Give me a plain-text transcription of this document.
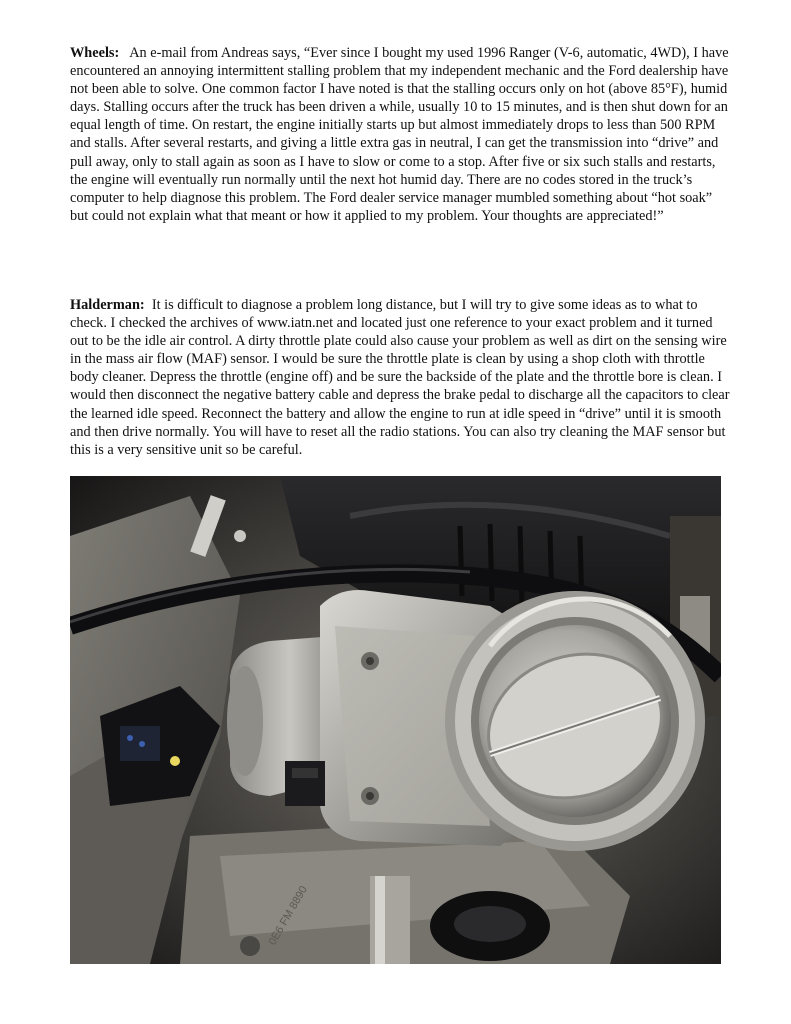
Wheels: An e-mail from Andreas says, “Ever since I bought my used 1996 Ranger (V-6, automatic, 4WD), I have encountered an annoying intermittent stalling problem that my independent mechanic and the Ford dealership have not been able to solve. One common factor I have noted is that the stalling occurs only on hot (above 85°F), humid days. Stalling occurs after the truck has been driven a while, usually 10 to 15 minutes, and is then shut down for an equal length of time. On restart, the engine initially starts up but almost immediately drops to less than 500 RPM and stalls. After several restarts, and giving a little extra gas in neutral, I can get the transmission into “drive” and pull away, only to stall again as soon as I have to slow or come to a stop. After five or six such stalls and restarts, the engine will eventually run normally until the next hot humid day. There are no codes stored in the truck’s computer to help diagnose this problem. The Ford dealer service manager mumbled something about “hot soak” but could not explain what that meant or how it applied to my problem. Your thoughts are appreciated!”

Halderman: It is difficult to diagnose a problem long distance, but I will try to give some ideas as to what to check. I checked the archives of www.iatn.net and located just one reference to your exact problem and it turned out to be the idle air control. A dirty throttle plate could also cause your problem as well as dirt on the sensing wire in the mass air flow (MAF) sensor. I would be sure the throttle plate is clean by using a shop cloth with throttle body cleaner. Depress the throttle (engine off) and be sure the backside of the plate and the throttle bore is clean. I would then disconnect the negative battery cable and depress the brake pedal to discharge all the capacitors to clear the learned idle speed. Reconnect the battery and allow the engine to run at idle speed in “drive” until it is smooth and then drive normally. You will have to reset all the radio stations. You can also try cleaning the MAF sensor but this is a very sensitive unit so be careful.

0E6 FM 8890
